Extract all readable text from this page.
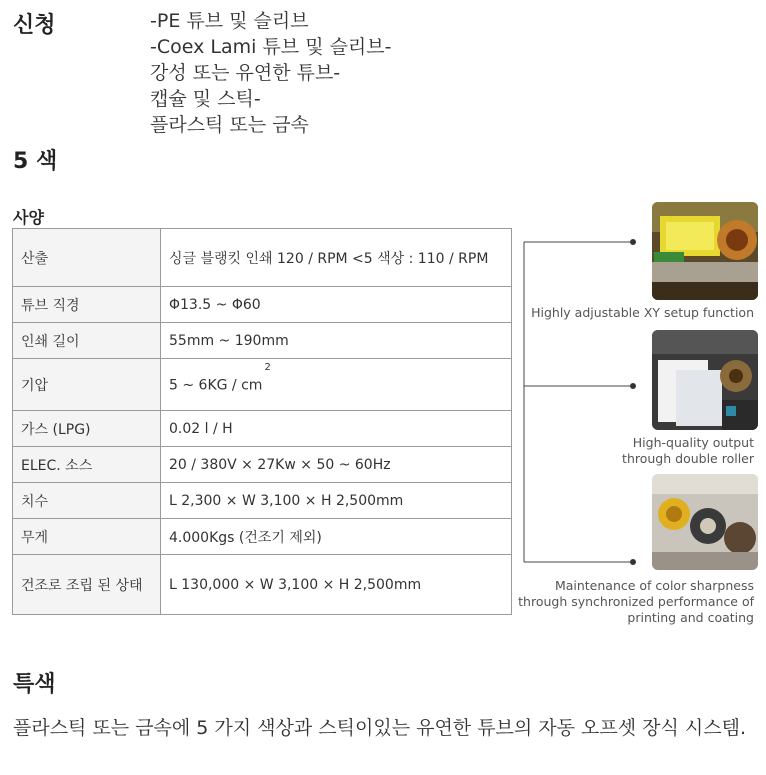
신청	-PE 튜브 및 슬리브
-Coex Lami 튜브 및 슬리브-
강성 또는 유연한 튜브-
캡슐 및 스틱-
플라스틱 또는 금속
5 색
사양
산출	싱글 블랭킷 인쇄 120 / RPM <5 색상 : 110 / RPM
튜브 직경	Φ13.5 ~ Φ60
인쇄 길이	55mm ~ 190mm
기압	5 ~ $6KG / cm^2$
가스 (LPG)	0.02 l / H
ELEC. 소스	20 / 380V × 27Kw × 50 ~ 60Hz
치수	L 2,300 × W 3,100 × H 2,500mm
무게	4.000Kgs (건조기 제외)
건조로 조립 된 상태	L 130,000 × W 3,100 × H 2,500mm
Highly adjustable XY setup function
High-quality output
through double roller
Maintenance of color sharpness
through synchronized performance of
printing and coating
특색

플라스틱 또는 금속에 5 가지 색상과 스틱이있는 유연한 튜브의 자동 오프셋 장식 시스템.
